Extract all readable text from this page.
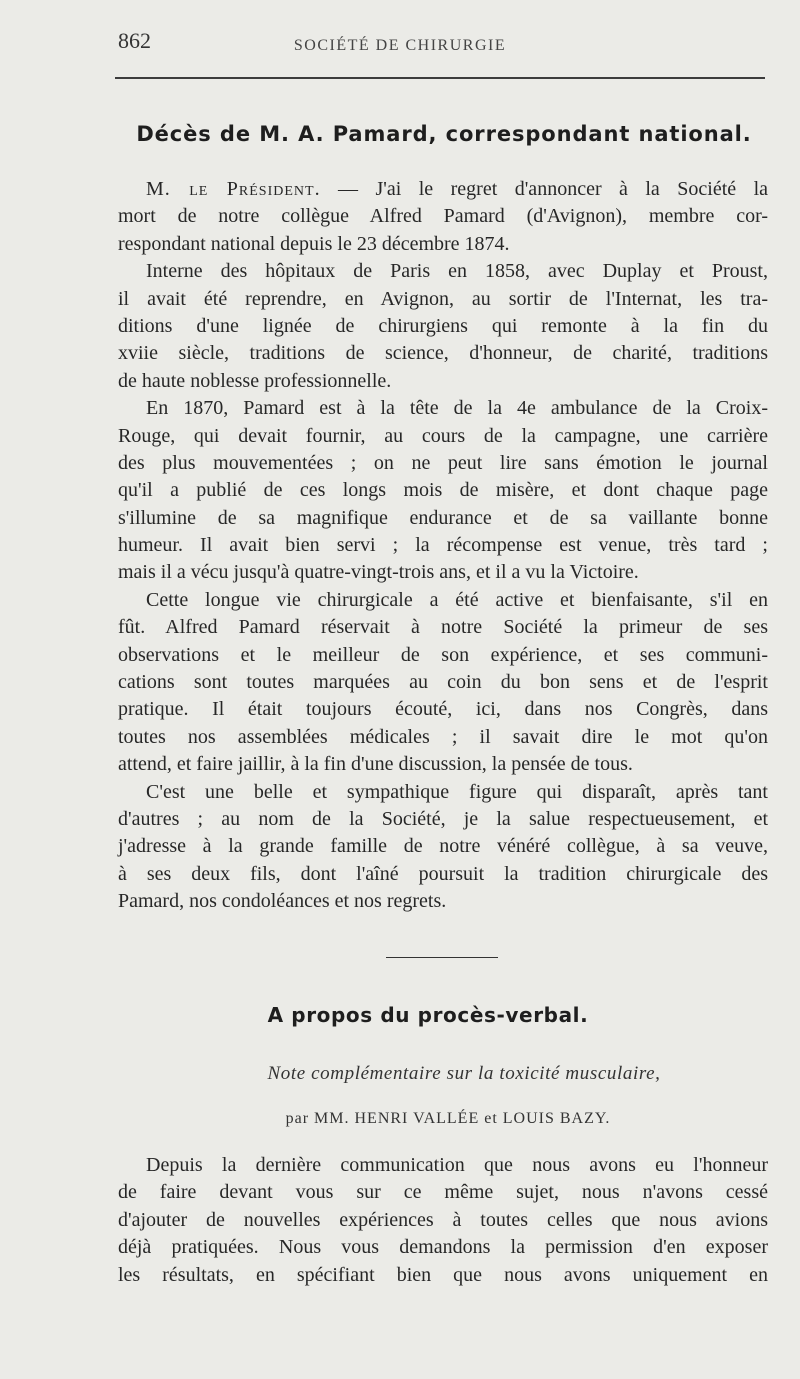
862	SOCIÉTÉ DE CHIRURGIE
Décès de M. A. Pamard, correspondant national.
M. le Président. — J'ai le regret d'annoncer à la Société la
mort de notre collègue Alfred Pamard (d'Avignon), membre cor-
respondant national depuis le 23 décembre 1874.
Interne des hôpitaux de Paris en 1858, avec Duplay et Proust,
il avait été reprendre, en Avignon, au sortir de l'Internat, les tra-
ditions d'une lignée de chirurgiens qui remonte à la fin du
xviie siècle, traditions de science, d'honneur, de charité, traditions
de haute noblesse professionnelle.
En 1870, Pamard est à la tête de la 4e ambulance de la Croix-
Rouge, qui devait fournir, au cours de la campagne, une carrière
des plus mouvementées ; on ne peut lire sans émotion le journal
qu'il a publié de ces longs mois de misère, et dont chaque page
s'illumine de sa magnifique endurance et de sa vaillante bonne
humeur. Il avait bien servi ; la récompense est venue, très tard ;
mais il a vécu jusqu'à quatre-vingt-trois ans, et il a vu la Victoire.
Cette longue vie chirurgicale a été active et bienfaisante, s'il en
fût. Alfred Pamard réservait à notre Société la primeur de ses
observations et le meilleur de son expérience, et ses communi-
cations sont toutes marquées au coin du bon sens et de l'esprit
pratique. Il était toujours écouté, ici, dans nos Congrès, dans
toutes nos assemblées médicales ; il savait dire le mot qu'on
attend, et faire jaillir, à la fin d'une discussion, la pensée de tous.
C'est une belle et sympathique figure qui disparaît, après tant
d'autres ; au nom de la Société, je la salue respectueusement, et
j'adresse à la grande famille de notre vénéré collègue, à sa veuve,
à ses deux fils, dont l'aîné poursuit la tradition chirurgicale des
Pamard, nos condoléances et nos regrets.
A propos du procès-verbal.
Note complémentaire sur la toxicité musculaire,
par MM. HENRI VALLÉE et LOUIS BAZY.
Depuis la dernière communication que nous avons eu l'honneur
de faire devant vous sur ce même sujet, nous n'avons cessé
d'ajouter de nouvelles expériences à toutes celles que nous avions
déjà pratiquées. Nous vous demandons la permission d'en exposer
les résultats, en spécifiant bien que nous avons uniquement en
